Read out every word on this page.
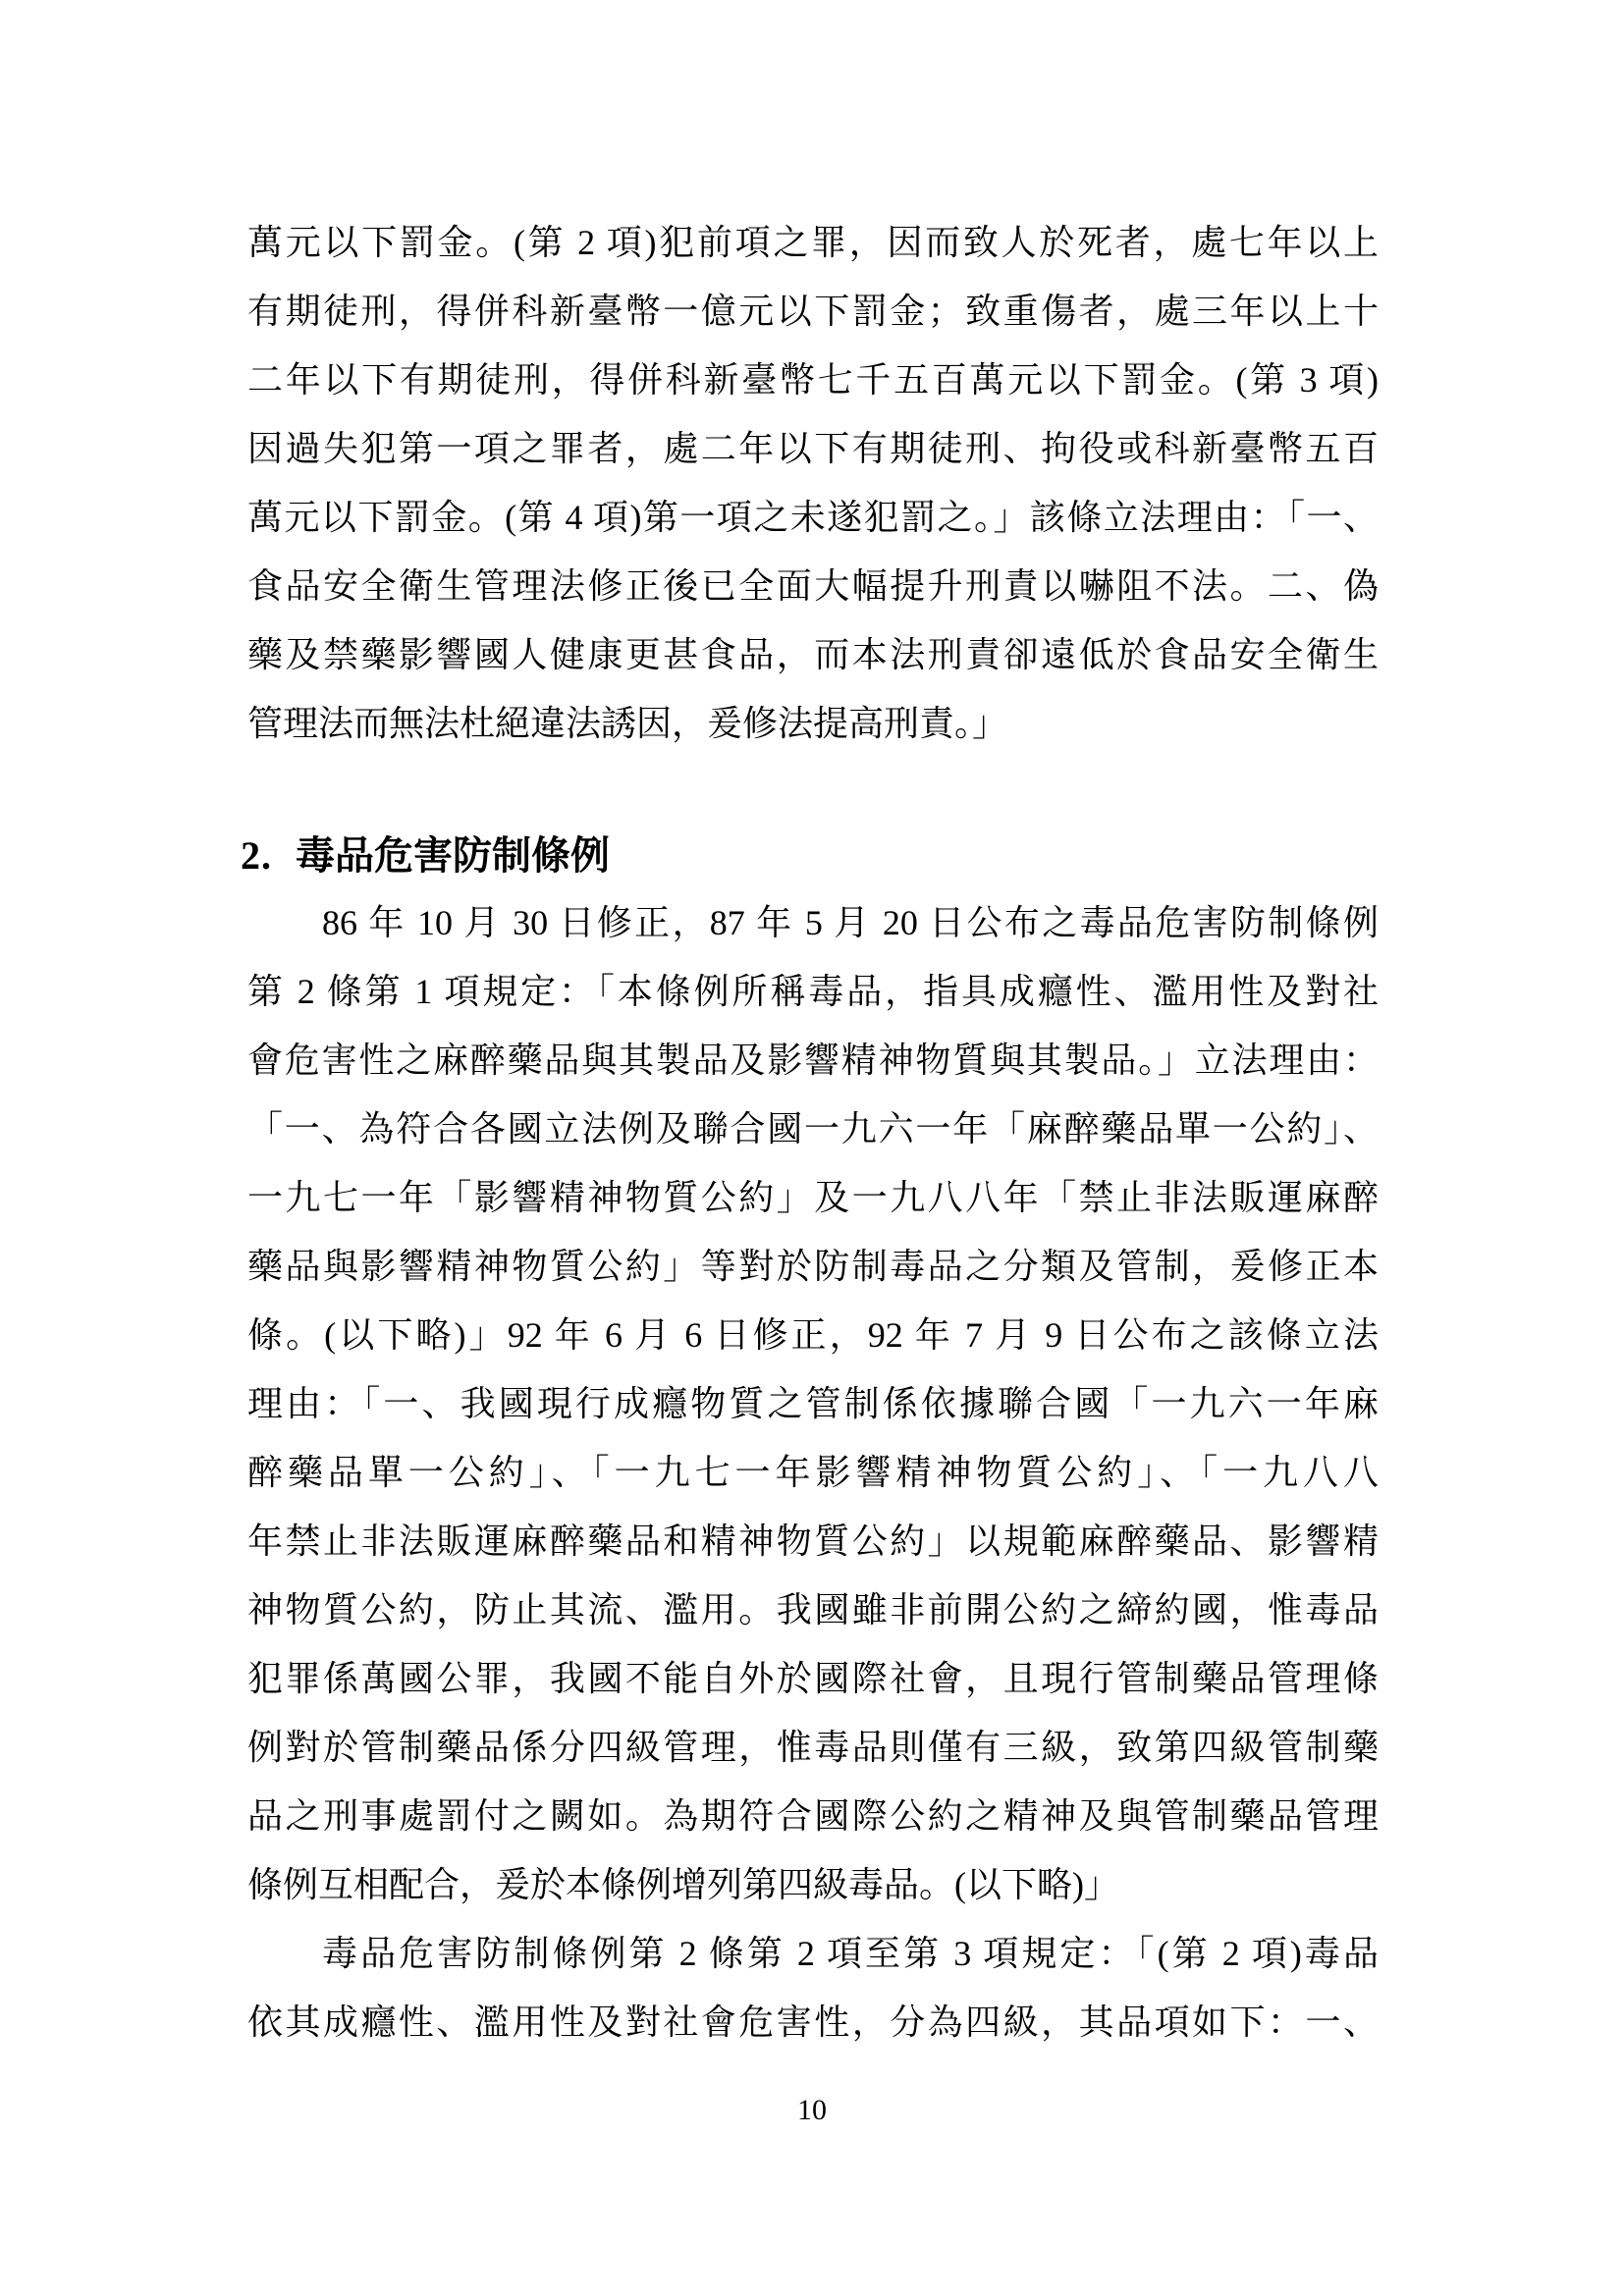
萬元以下罰金。(第 2 項)犯前項之罪，因而致人於死者，處七年以上
有期徒刑，得併科新臺幣一億元以下罰金；致重傷者，處三年以上十
二年以下有期徒刑，得併科新臺幣七千五百萬元以下罰金。(第 3 項)
因過失犯第一項之罪者，處二年以下有期徒刑、拘役或科新臺幣五百
萬元以下罰金。(第 4 項)第一項之未遂犯罰之。」該條立法理由：「一、
食品安全衛生管理法修正後已全面大幅提升刑責以嚇阻不法。二、偽
藥及禁藥影響國人健康更甚食品，而本法刑責卻遠低於食品安全衛生
管理法而無法杜絕違法誘因，爰修法提高刑責。」
2. 毒品危害防制條例
86 年 10 月 30 日修正，87 年 5 月 20 日公布之毒品危害防制條例
第 2 條第 1 項規定：「本條例所稱毒品，指具成癮性、濫用性及對社
會危害性之麻醉藥品與其製品及影響精神物質與其製品。」立法理由：
「一、為符合各國立法例及聯合國一九六一年「麻醉藥品單一公約」、
一九七一年「影響精神物質公約」及一九八八年「禁止非法販運麻醉
藥品與影響精神物質公約」等對於防制毒品之分類及管制，爰修正本
條。(以下略)」92 年 6 月 6 日修正，92 年 7 月 9 日公布之該條立法
理由：「一、我國現行成癮物質之管制係依據聯合國「一九六一年麻
醉藥品單一公約」、「一九七一年影響精神物質公約」、「一九八八
年禁止非法販運麻醉藥品和精神物質公約」以規範麻醉藥品、影響精
神物質公約，防止其流、濫用。我國雖非前開公約之締約國，惟毒品
犯罪係萬國公罪，我國不能自外於國際社會，且現行管制藥品管理條
例對於管制藥品係分四級管理，惟毒品則僅有三級，致第四級管制藥
品之刑事處罰付之闕如。為期符合國際公約之精神及與管制藥品管理
條例互相配合，爰於本條例增列第四級毒品。(以下略)」
毒品危害防制條例第 2 條第 2 項至第 3 項規定：「(第 2 項)毒品
依其成癮性、濫用性及對社會危害性，分為四級，其品項如下：一、
10
